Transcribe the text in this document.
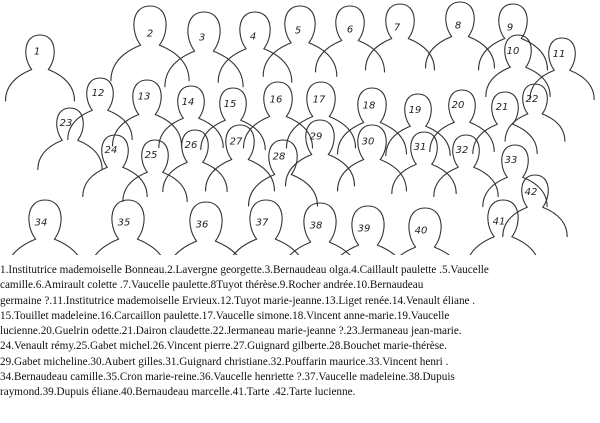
1
2	3	4
5	6	7	8	9
10	11
12	13
14	15	16	17
18	19	20	21
22
23
24	25
26	27
28
29	30
31	32
33
34	35	36	37	38	39	40
41
42
1.Institutrice mademoiselle Bonneau.2.Lavergne georgette.3.Bernaudeau olga.4.Caillault paulette .5.Vaucelle
camille.6.Amirault colette .7.Vaucelle paulette.8Tuyot thérèse.9.Rocher andrée.10.Bernaudeau
germaine ?.11.Institutrice mademoiselle Ervieux.12.Tuyot marie-jeanne.13.Liget renée.14.Venault éliane .
15.Touillet madeleine.16.Carcaillon paulette.17.Vaucelle simone.18.Vincent anne-marie.19.Vaucelle
lucienne.20.Guelrin odette.21.Dairon claudette.22.Jermaneau marie-jeanne ?.23.Jermaneau jean-marie.
24.Venault rémy.25.Gabet michel.26.Vincent pierre.27.Guignard gilberte.28.Bouchet marie-thérèse.
29.Gabet micheline.30.Aubert gilles.31.Guignard christiane.32.Pouffarin maurice.33.Vincent henri .
34.Bernaudeau camille.35.Cron marie-reine.36.Vaucelle henriette ?.37.Vaucelle madeleine.38.Dupuis
raymond.39.Dupuis éliane.40.Bernaudeau marcelle.41.Tarte .42.Tarte lucienne.
